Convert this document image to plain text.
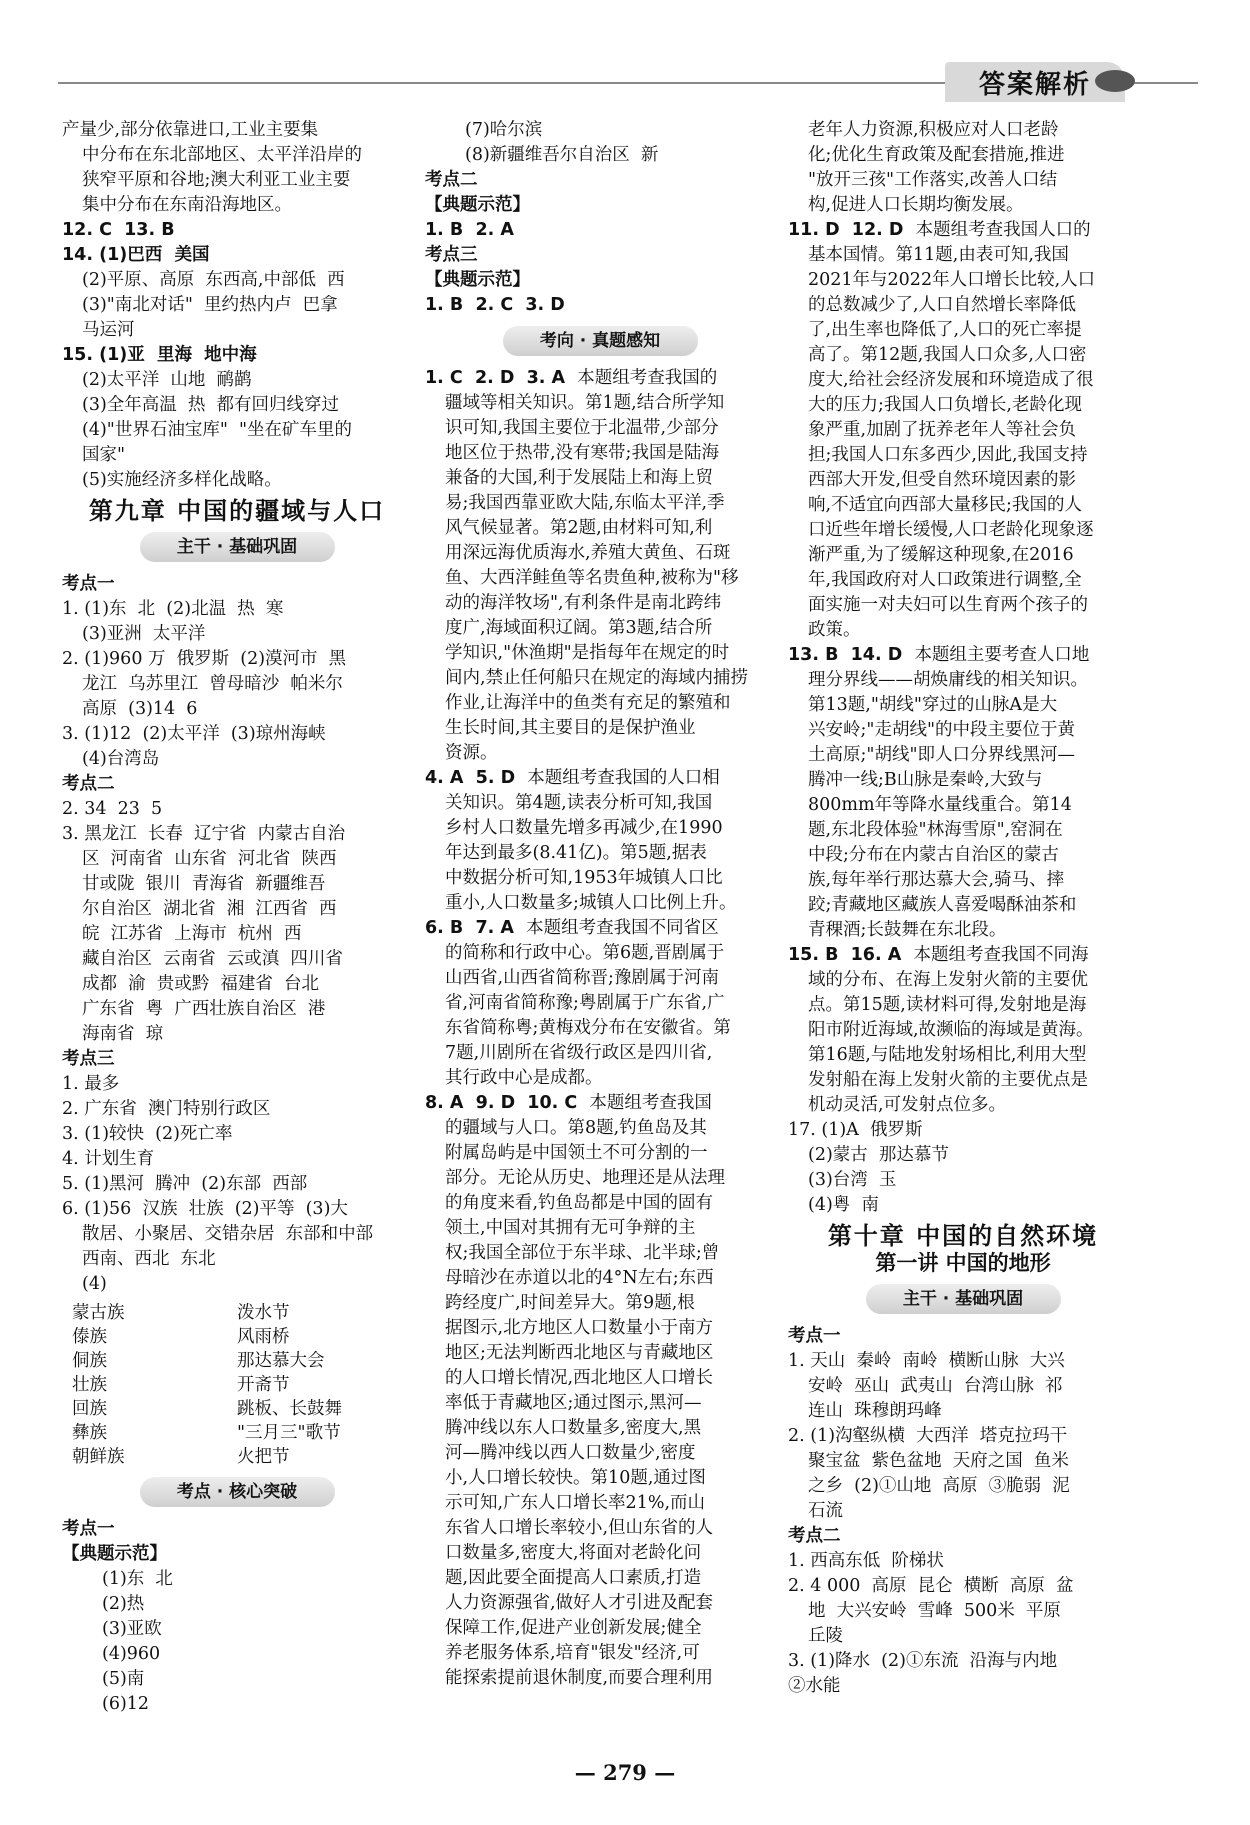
答案解析
产量少,部分依靠进口,工业主要集
中分布在东北部地区、太平洋沿岸的
狭窄平原和谷地;澳大利亚工业主要
集中分布在东南沿海地区。
12. C  13. B
14. (1)巴西  美国
(2)平原、高原  东西高,中部低  西
(3)"南北对话"  里约热内卢  巴拿
马运河
15. (1)亚  里海  地中海
(2)太平洋  山地  鸸鹋
(3)全年高温  热  都有回归线穿过
(4)"世界石油宝库"  "坐在矿车里的
国家"
(5)实施经济多样化战略。
第九章 中国的疆域与人口
主干 · 基础巩固
考点一
1. (1)东  北  (2)北温  热  寒
(3)亚洲  太平洋
2. (1)960 万  俄罗斯  (2)漠河市  黑
龙江  乌苏里江  曾母暗沙  帕米尔
高原  (3)14  6
3. (1)12  (2)太平洋  (3)琼州海峡
(4)台湾岛
考点二
2. 34  23  5
3. 黑龙江  长春  辽宁省  内蒙古自治
区  河南省  山东省  河北省  陕西
甘或陇  银川  青海省  新疆维吾
尔自治区  湖北省  湘  江西省  西
皖  江苏省  上海市  杭州  西
藏自治区  云南省  云或滇  四川省
成都  渝  贵或黔  福建省  台北
广东省  粤  广西壮族自治区  港
海南省  琼
考点三
1. 最多
2. 广东省  澳门特别行政区
3. (1)较快  (2)死亡率
4. 计划生育
5. (1)黑河  腾冲  (2)东部  西部
6. (1)56  汉族  壮族  (2)平等  (3)大
散居、小聚居、交错杂居  东部和中部
西南、西北  东北
(4)
蒙古族
傣族
侗族
壮族
回族
彝族
朝鲜族
泼水节
风雨桥
那达慕大会
开斋节
跳板、长鼓舞
"三月三"歌节
火把节
考点 · 核心突破
考点一
【典题示范】
(1)东  北
(2)热
(3)亚欧
(4)960
(5)南
(6)12
(7)哈尔滨
(8)新疆维吾尔自治区  新
考点二
【典题示范】
1. B  2. A
考点三
【典题示范】
1. B  2. C  3. D
考向 · 真题感知
1. C  2. D  3. A  本题组考查我国的
疆域等相关知识。第1题,结合所学知
识可知,我国主要位于北温带,少部分
地区位于热带,没有寒带;我国是陆海
兼备的大国,利于发展陆上和海上贸
易;我国西靠亚欧大陆,东临太平洋,季
风气候显著。第2题,由材料可知,利
用深远海优质海水,养殖大黄鱼、石斑
鱼、大西洋鲑鱼等名贵鱼种,被称为"移
动的海洋牧场",有利条件是南北跨纬
度广,海域面积辽阔。第3题,结合所
学知识,"休渔期"是指每年在规定的时
间内,禁止任何船只在规定的海域内捕捞
作业,让海洋中的鱼类有充足的繁殖和
生长时间,其主要目的是保护渔业
资源。
4. A  5. D  本题组考查我国的人口相
关知识。第4题,读表分析可知,我国
乡村人口数量先增多再减少,在1990
年达到最多(8.41亿)。第5题,据表
中数据分析可知,1953年城镇人口比
重小,人口数量多;城镇人口比例上升。
6. B  7. A  本题组考查我国不同省区
的简称和行政中心。第6题,晋剧属于
山西省,山西省简称晋;豫剧属于河南
省,河南省简称豫;粤剧属于广东省,广
东省简称粤;黄梅戏分布在安徽省。第
7题,川剧所在省级行政区是四川省,
其行政中心是成都。
8. A  9. D  10. C  本题组考查我国
的疆域与人口。第8题,钓鱼岛及其
附属岛屿是中国领土不可分割的一
部分。无论从历史、地理还是从法理
的角度来看,钓鱼岛都是中国的固有
领土,中国对其拥有无可争辩的主
权;我国全部位于东半球、北半球;曾
母暗沙在赤道以北的4°N左右;东西
跨经度广,时间差异大。第9题,根
据图示,北方地区人口数量小于南方
地区;无法判断西北地区与青藏地区
的人口增长情况,西北地区人口增长
率低于青藏地区;通过图示,黑河—
腾冲线以东人口数量多,密度大,黑
河—腾冲线以西人口数量少,密度
小,人口增长较快。第10题,通过图
示可知,广东人口增长率21%,而山
东省人口增长率较小,但山东省的人
口数量多,密度大,将面对老龄化问
题,因此要全面提高人口素质,打造
人力资源强省,做好人才引进及配套
保障工作,促进产业创新发展;健全
养老服务体系,培育"银发"经济,可
能探索提前退休制度,而要合理利用
老年人力资源,积极应对人口老龄
化;优化生育政策及配套措施,推进
"放开三孩"工作落实,改善人口结
构,促进人口长期均衡发展。
11. D  12. D  本题组考查我国人口的
基本国情。第11题,由表可知,我国
2021年与2022年人口增长比较,人口
的总数减少了,人口自然增长率降低
了,出生率也降低了,人口的死亡率提
高了。第12题,我国人口众多,人口密
度大,给社会经济发展和环境造成了很
大的压力;我国人口负增长,老龄化现
象严重,加剧了抚养老年人等社会负
担;我国人口东多西少,因此,我国支持
西部大开发,但受自然环境因素的影
响,不适宜向西部大量移民;我国的人
口近些年增长缓慢,人口老龄化现象逐
渐严重,为了缓解这种现象,在2016
年,我国政府对人口政策进行调整,全
面实施一对夫妇可以生育两个孩子的
政策。
13. B  14. D  本题组主要考查人口地
理分界线——胡焕庸线的相关知识。
第13题,"胡线"穿过的山脉A是大
兴安岭;"走胡线"的中段主要位于黄
土高原;"胡线"即人口分界线黑河—
腾冲一线;B山脉是秦岭,大致与
800mm年等降水量线重合。第14
题,东北段体验"林海雪原",窑洞在
中段;分布在内蒙古自治区的蒙古
族,每年举行那达慕大会,骑马、摔
跤;青藏地区藏族人喜爱喝酥油茶和
青稞酒;长鼓舞在东北段。
15. B  16. A  本题组考查我国不同海
域的分布、在海上发射火箭的主要优
点。第15题,读材料可得,发射地是海
阳市附近海域,故濒临的海域是黄海。
第16题,与陆地发射场相比,利用大型
发射船在海上发射火箭的主要优点是
机动灵活,可发射点位多。
17. (1)A  俄罗斯
(2)蒙古  那达慕节
(3)台湾  玉
(4)粤  南
第十章 中国的自然环境
第一讲 中国的地形
主干 · 基础巩固
考点一
1. 天山  秦岭  南岭  横断山脉  大兴
安岭  巫山  武夷山  台湾山脉  祁
连山  珠穆朗玛峰
2. (1)沟壑纵横  大西洋  塔克拉玛干
聚宝盆  紫色盆地  天府之国  鱼米
之乡  (2)①山地  高原  ③脆弱  泥
石流
考点二
1. 西高东低  阶梯状
2. 4 000  高原  昆仑  横断  高原  盆
地  大兴安岭  雪峰  500米  平原
丘陵
3. (1)降水  (2)①东流  沿海与内地
②水能
— 279 —
